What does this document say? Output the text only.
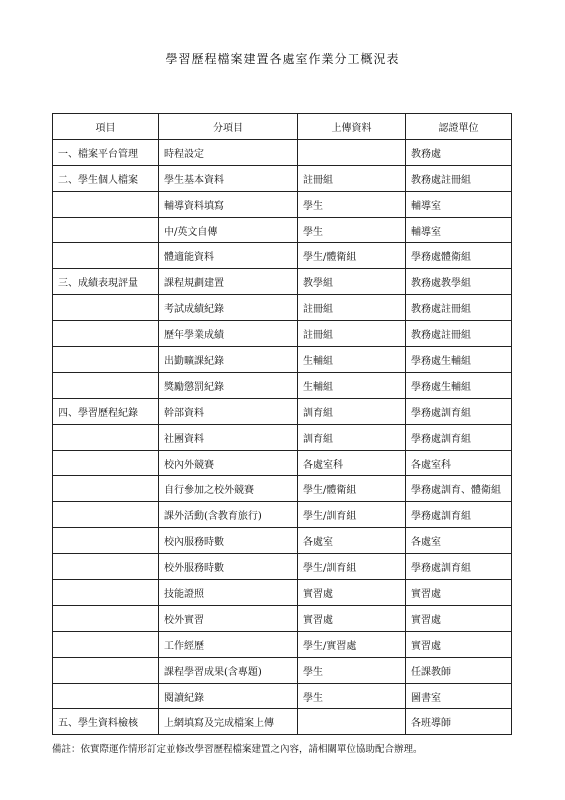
學習歷程檔案建置各處室作業分工概況表
項目	分項目	上傳資料	認證單位
一、檔案平台管理	時程設定		教務處
二、學生個人檔案	學生基本資料	註冊組	教務處註冊組
	輔導資料填寫	學生	輔導室
	中/英文自傳	學生	輔導室
	體適能資料	學生/體衛組	學務處體衛組
三、成績表現評量	課程規劃建置	教學組	教務處教學組
	考試成績紀錄	註冊組	教務處註冊組
	歷年學業成績	註冊組	教務處註冊組
	出勤曠課紀錄	生輔組	學務處生輔組
	獎勵懲罰紀錄	生輔組	學務處生輔組
四、學習歷程紀錄	幹部資料	訓育組	學務處訓育組
	社團資料	訓育組	學務處訓育組
	校內外競賽	各處室科	各處室科
	自行參加之校外競賽	學生/體衛組	學務處訓育、體衛組
	課外活動(含教育旅行)	學生/訓育組	學務處訓育組
	校內服務時數	各處室	各處室
	校外服務時數	學生/訓育組	學務處訓育組
	技能證照	實習處	實習處
	校外實習	實習處	實習處
	工作經歷	學生/實習處	實習處
	課程學習成果(含專題)	學生	任課教師
	閱讀紀錄	學生	圖書室
五、學生資料檢核	上網填寫及完成檔案上傳		各班導師
備註：依實際運作情形訂定並修改學習歷程檔案建置之內容，請相關單位協助配合辦理。
